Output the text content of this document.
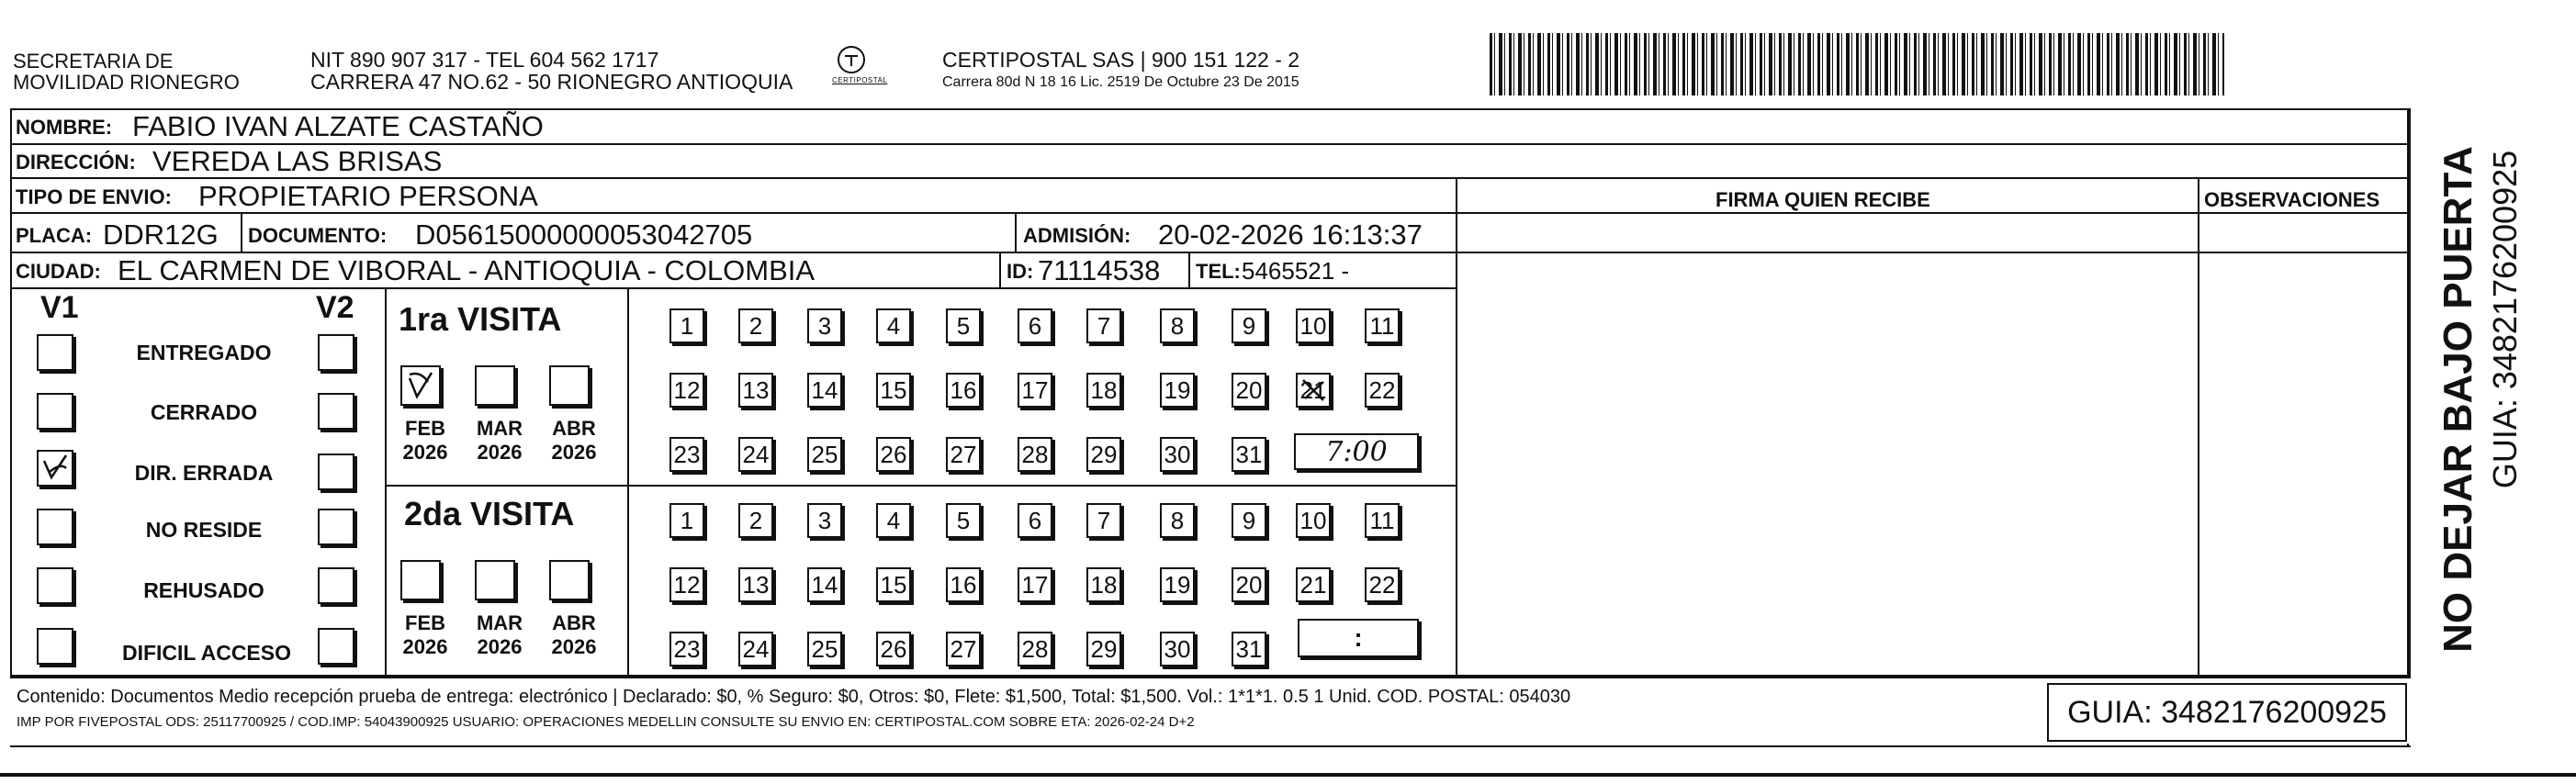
SECRETARIA DE
MOVILIDAD RIONEGRO
NIT 890 907 317 - TEL 604 562 1717
CARRERA 47 NO.62 - 50 RIONEGRO ANTIOQUIA	CERTIPOSTAL
CERTIPOSTAL SAS | 900 151 122 - 2
Carrera 80d N 18 16 Lic. 2519 De Octubre 23 De 2015
NOMBRE: FABIO IVAN ALZATE CASTAÑO
DIRECCIÓN: VEREDA LAS BRISAS
TIPO DE ENVIO: PROPIETARIO PERSONA	FIRMA QUIEN RECIBE	OBSERVACIONES
PLACA: DDR12G DOCUMENTO: D05615000000053042705	ADMISIÓN: 20-02-2026 16:13:37
CIUDAD: EL CARMEN DE VIBORAL - ANTIOQUIA - COLOMBIA	ID: 71114538 TEL: 5465521 -
V1	V2
ENTREGADO
CERRADO
DIR. ERRADA
NO RESIDE
REHUSADO
DIFICIL ACCESO
1ra VISITA
FEB
2026
MAR
2026
ABR
2026
1	2	3	4	5	6	7	8	9	10 11
12 13 14 15 16 17 18 19 20 21 22
23 24 25 26 27 28 29 30 31	7:00
2da VISITA
FEB
2026
MAR
2026
ABR
2026
1	2	3	4	5	6	7	8	9	10 11
12 13 14 15 16 17 18 19 20 21 22
23 24 25 26 27 28 29 30 31	:	NO DEJAR BAJO PUERTA GUIA: 3482176200925
Contenido: Documentos Medio recepción prueba de entrega: electrónico | Declarado: $0, % Seguro: $0, Otros: $0, Flete: $1,500, Total: $1,500. Vol.: 1*1*1. 0.5 1 Unid. COD. POSTAL: 054030
IMP POR FIVEPOSTAL ODS: 25117700925 / COD.IMP: 54043900925 USUARIO: OPERACIONES MEDELLIN CONSULTE SU ENVIO EN: CERTIPOSTAL.COM SOBRE ETA: 2026-02-24 D+2	GUIA: 3482176200925
